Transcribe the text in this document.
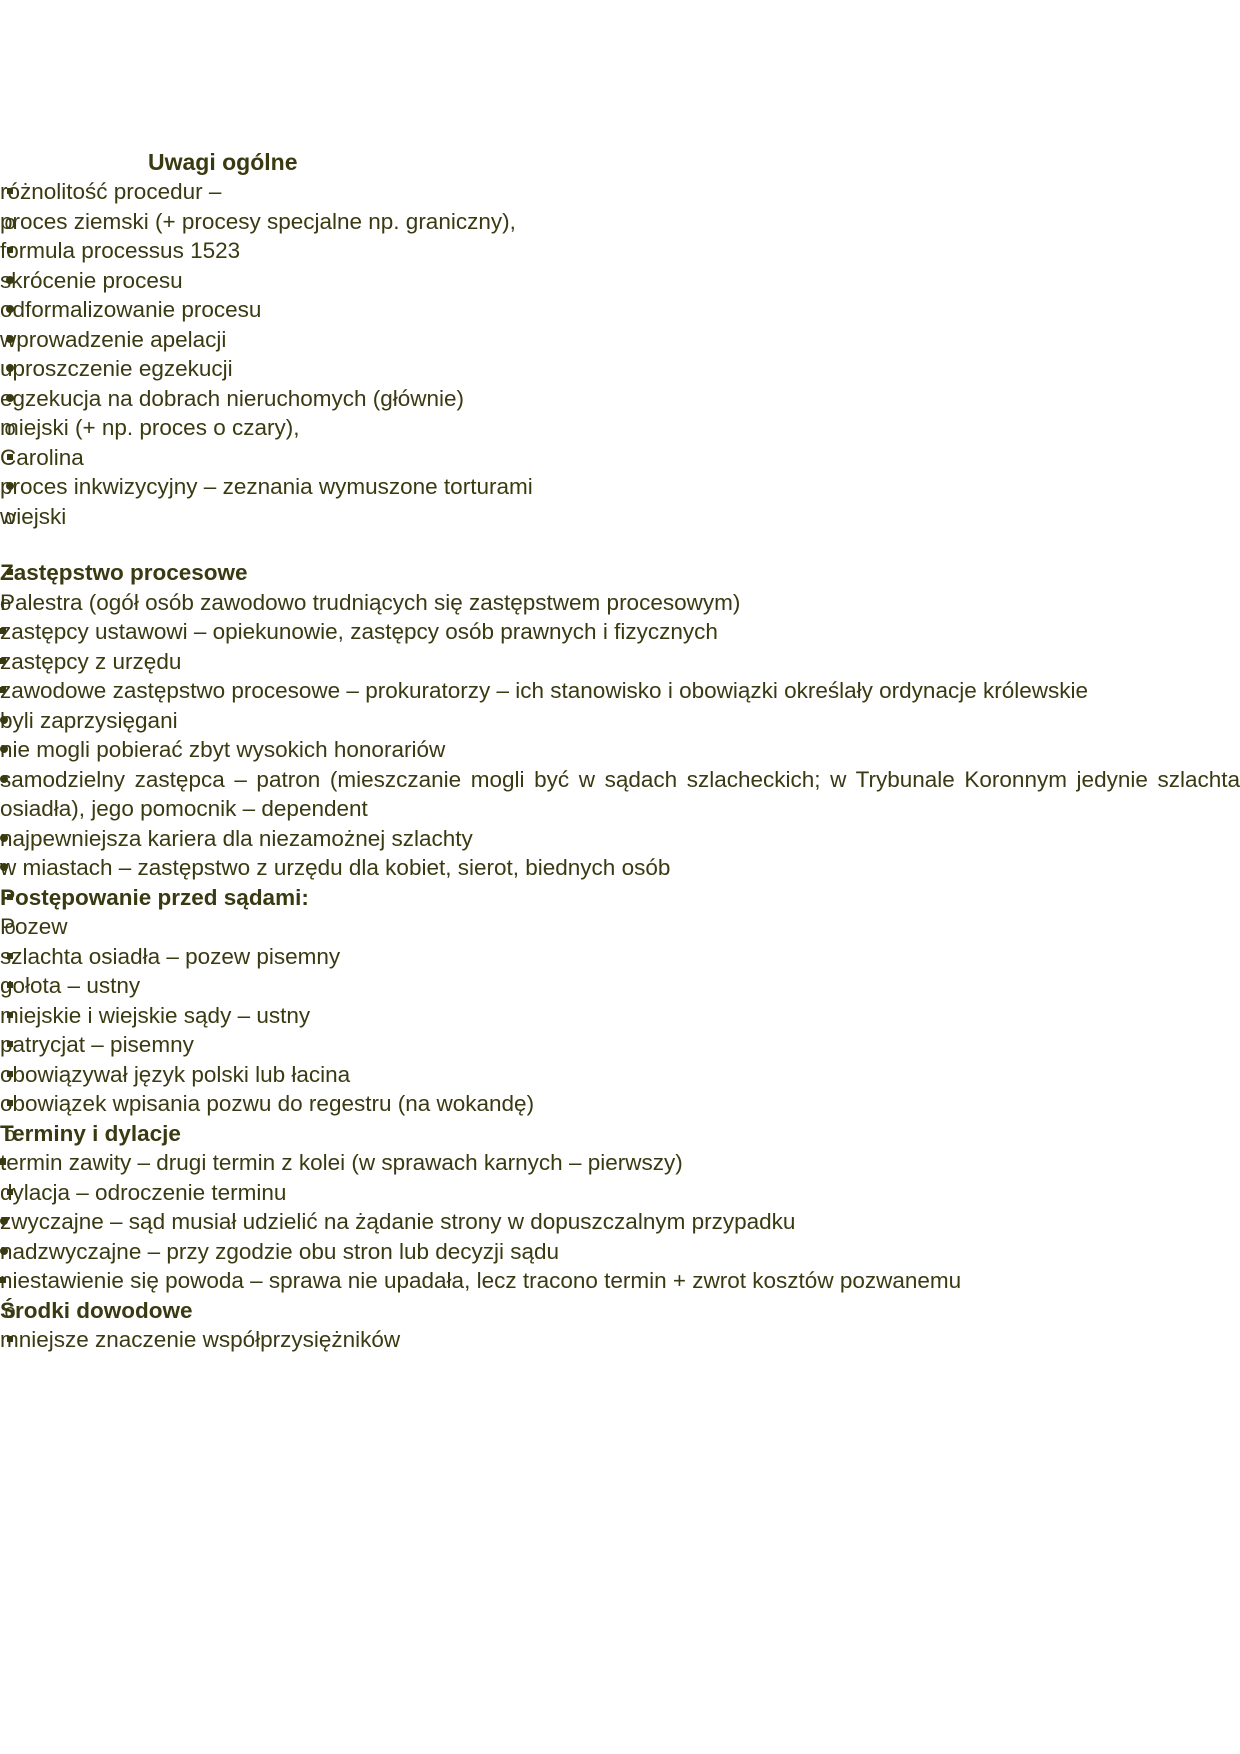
Uwagi ogólne
różnolitość procedur –
o
proces ziemski (+ procesy specjalne np. graniczny),
formula processus 1523
skrócenie procesu
odformalizowanie procesu
wprowadzenie apelacji
uproszczenie egzekucji
egzekucja na dobrach nieruchomych (głównie)
o
miejski (+ np. proces o czary),
Carolina
proces inkwizycyjny – zeznania wymuszone torturami
o
wiejski
Zastępstwo procesowe
o
Palestra (ogół osób zawodowo trudniących się zastępstwem procesowym)
zastępcy ustawowi – opiekunowie, zastępcy osób prawnych i fizycznych
zastępcy z urzędu
zawodowe zastępstwo procesowe – prokuratorzy – ich stanowisko i obowiązki określały ordynacje królewskie
byli zaprzysięgani
nie mogli pobierać zbyt wysokich honorariów
samodzielny zastępca – patron (mieszczanie mogli być w sądach szlacheckich; w Trybunale Koronnym jedynie szlachta osiadła), jego pomocnik – dependent
najpewniejsza kariera dla niezamożnej szlachty
w miastach – zastępstwo z urzędu dla kobiet, sierot, biednych osób
Postępowanie przed sądami:
o
Pozew
szlachta osiadła – pozew pisemny
gołota – ustny
miejskie i wiejskie sądy – ustny
patrycjat – pisemny
obowiązywał język polski lub łacina
obowiązek wpisania pozwu do regestru (na wokandę)
o
Terminy i dylacje
termin zawity – drugi termin z kolei (w sprawach karnych – pierwszy)
dylacja – odroczenie terminu
zwyczajne – sąd musiał udzielić na żądanie strony w dopuszczalnym przypadku
nadzwyczajne – przy zgodzie obu stron lub decyzji sądu
niestawienie się powoda – sprawa nie upadała, lecz tracono termin + zwrot kosztów pozwanemu
o
Środki dowodowe
mniejsze znaczenie współprzysiężników
